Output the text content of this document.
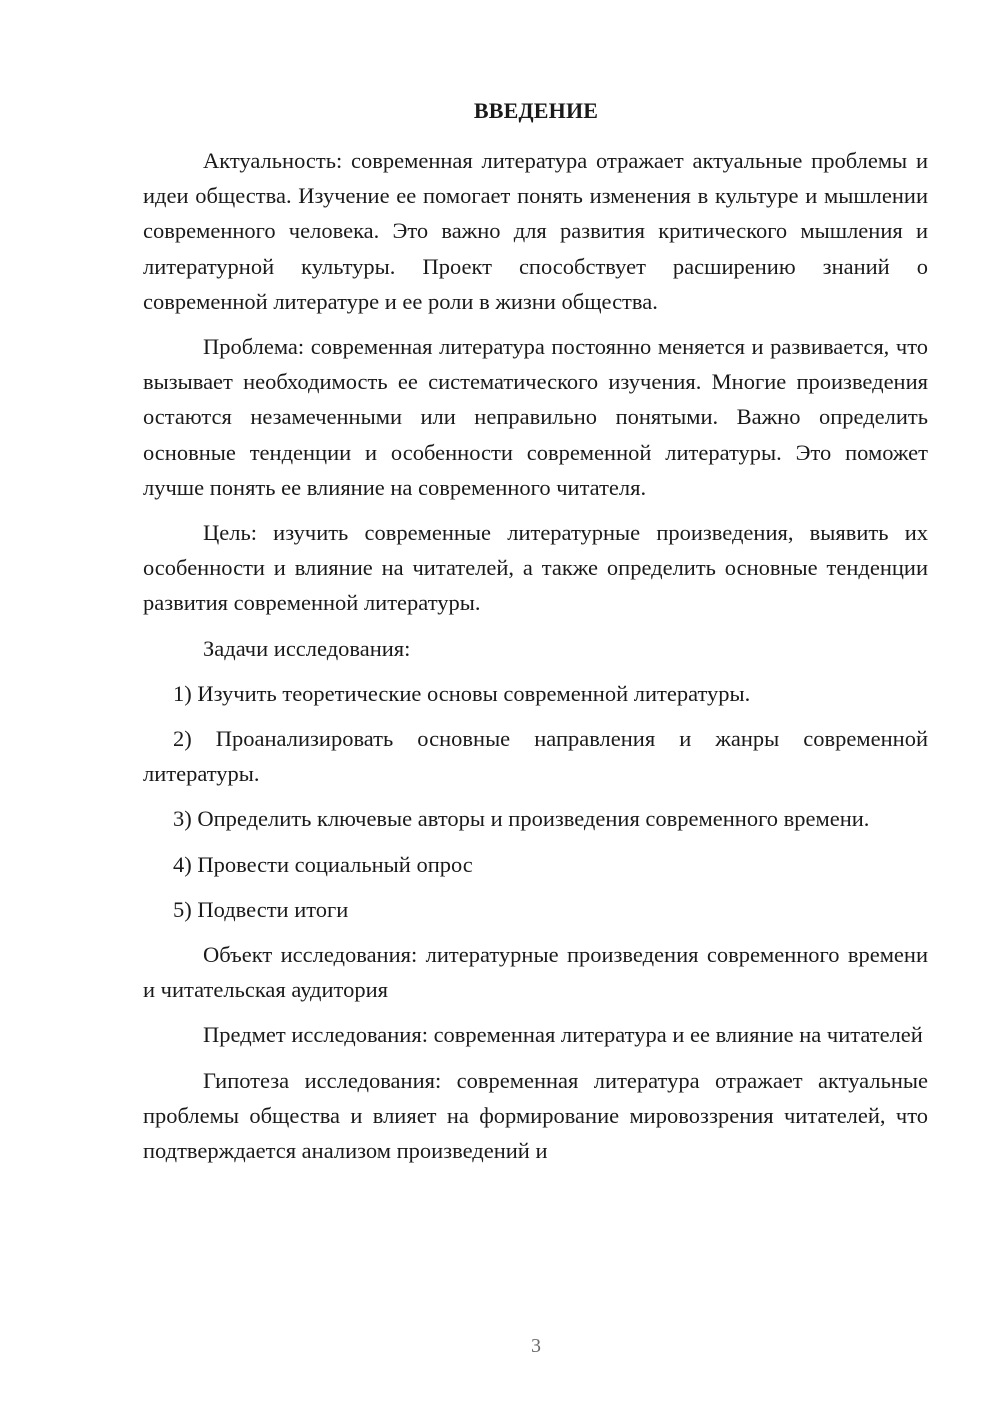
ВВЕДЕНИЕ

Актуальность: современная литература отражает актуальные проблемы и идеи общества. Изучение ее помогает понять изменения в культуре и мышлении современного человека. Это важно для развития критического мышления и литературной культуры. Проект способствует расширению знаний о современной литературе и ее роли в жизни общества.

Проблема: современная литература постоянно меняется и развивается, что вызывает необходимость ее систематического изучения. Многие произведения остаются незамеченными или неправильно понятыми. Важно определить основные тенденции и особенности современной литературы. Это поможет лучше понять ее влияние на современного читателя.

Цель: изучить современные литературные произведения, выявить их особенности и влияние на читателей, а также определить основные тенденции развития современной литературы.

Задачи исследования:

1) Изучить теоретические основы современной литературы.

2) Проанализировать основные направления и жанры современной литературы.

3) Определить ключевые авторы и произведения современного времени.

4) Провести социальный опрос

5) Подвести итоги

Объект исследования: литературные произведения современного времени и читательская аудитория

Предмет исследования: современная литература и ее влияние на читателей

Гипотеза исследования: современная литература отражает актуальные проблемы общества и влияет на формирование мировоззрения читателей, что подтверждается анализом произведений и

3
